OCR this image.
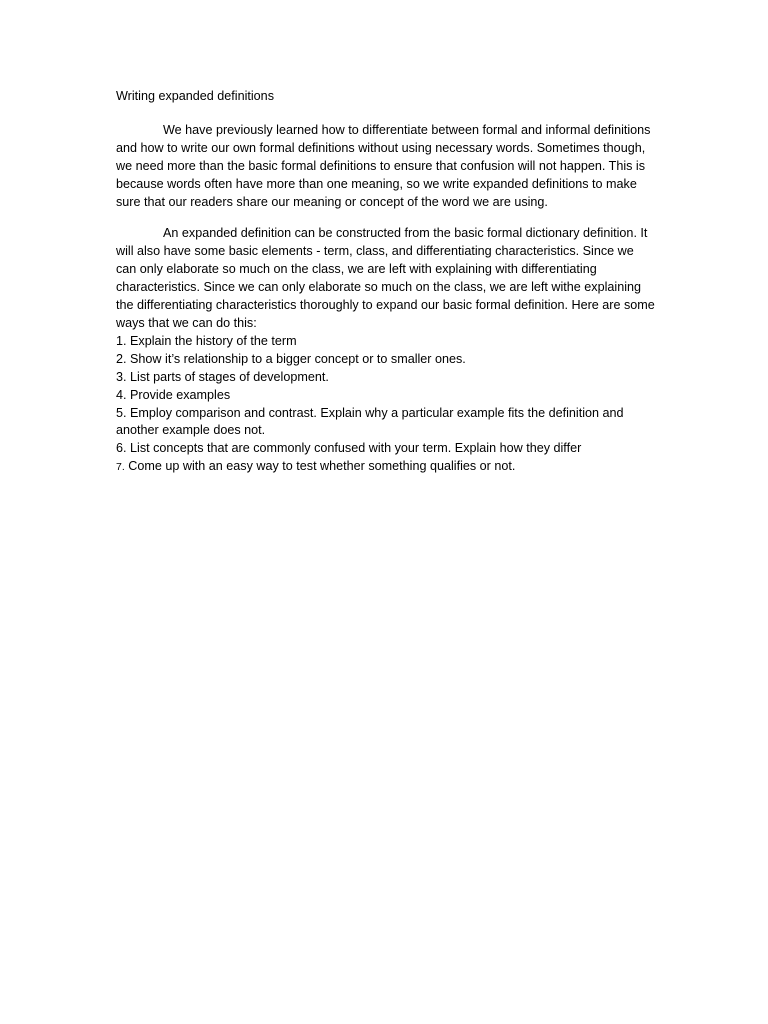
Writing expanded definitions

We have previously learned how to differentiate between formal and informal definitions and how to write our own formal definitions without using necessary words. Sometimes though, we need more than the basic formal definitions to ensure that confusion will not happen. This is because words often have more than one meaning, so we write expanded definitions to make sure that our readers share our meaning or concept of the word we are using.

An expanded definition can be constructed from the basic formal dictionary definition. It will also have some basic elements - term, class, and differentiating characteristics. Since we can only elaborate so much on the class, we are left with explaining with differentiating characteristics. Since we can only elaborate so much on the class, we are left withe explaining the differentiating characteristics thoroughly to expand our basic formal definition. Here are some ways that we can do this:

1. Explain the history of the term
2. Show it’s relationship to a bigger concept or to smaller ones.
3. List parts of stages of development.
4. Provide examples
5. Employ comparison and contrast. Explain why a particular example fits the definition and another example does not.
6. List concepts that are commonly confused with your term. Explain how they differ
7. Come up with an easy way to test whether something qualifies or not.
